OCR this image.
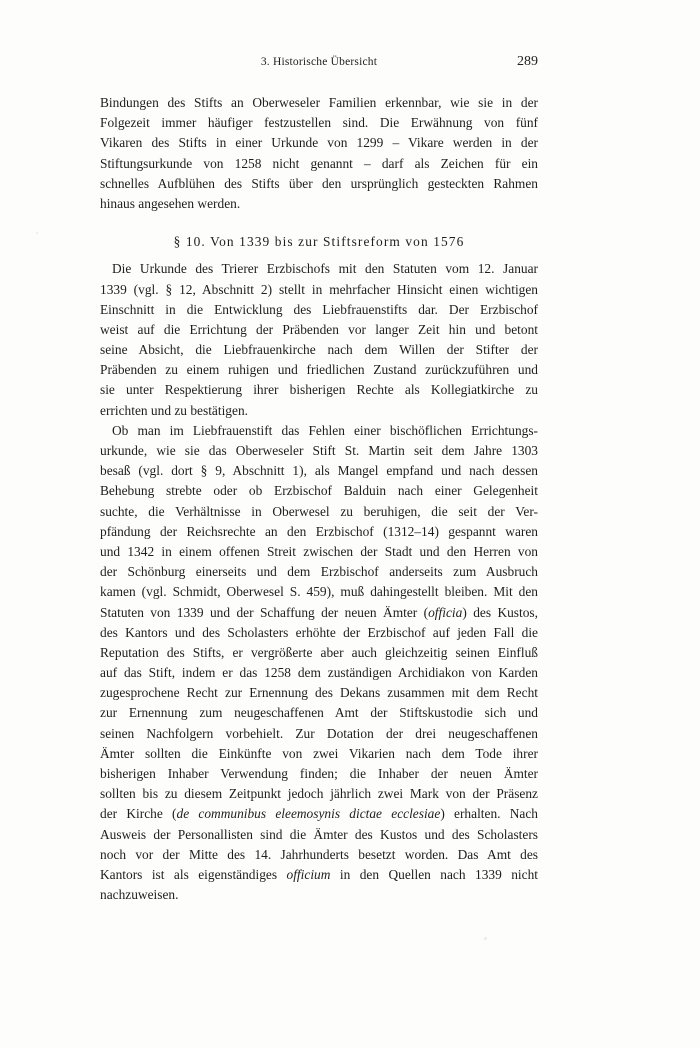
3. Historische Übersicht	289
Bindungen des Stifts an Oberweseler Familien erkennbar, wie sie in der
Folgezeit immer häufiger festzustellen sind. Die Erwähnung von fünf
Vikaren des Stifts in einer Urkunde von 1299 – Vikare werden in der
Stiftungsurkunde von 1258 nicht genannt – darf als Zeichen für ein
schnelles Aufblühen des Stifts über den ursprünglich gesteckten Rahmen
hinaus angesehen werden.
§ 10. Von 1339 bis zur Stiftsreform von 1576
Die Urkunde des Trierer Erzbischofs mit den Statuten vom 12. Januar
1339 (vgl. § 12, Abschnitt 2) stellt in mehrfacher Hinsicht einen wichtigen
Einschnitt in die Entwicklung des Liebfrauenstifts dar. Der Erzbischof
weist auf die Errichtung der Präbenden vor langer Zeit hin und betont
seine Absicht, die Liebfrauenkirche nach dem Willen der Stifter der
Präbenden zu einem ruhigen und friedlichen Zustand zurückzuführen und
sie unter Respektierung ihrer bisherigen Rechte als Kollegiatkirche zu
errichten und zu bestätigen.
Ob man im Liebfrauenstift das Fehlen einer bischöflichen Errichtungs-
urkunde, wie sie das Oberweseler Stift St. Martin seit dem Jahre 1303
besaß (vgl. dort § 9, Abschnitt 1), als Mangel empfand und nach dessen
Behebung strebte oder ob Erzbischof Balduin nach einer Gelegenheit
suchte, die Verhältnisse in Oberwesel zu beruhigen, die seit der Ver-
pfändung der Reichsrechte an den Erzbischof (1312–14) gespannt waren
und 1342 in einem offenen Streit zwischen der Stadt und den Herren von
der Schönburg einerseits und dem Erzbischof anderseits zum Ausbruch
kamen (vgl. Schmidt, Oberwesel S. 459), muß dahingestellt bleiben. Mit den
Statuten von 1339 und der Schaffung der neuen Ämter (officia) des Kustos,
des Kantors und des Scholasters erhöhte der Erzbischof auf jeden Fall die
Reputation des Stifts, er vergrößerte aber auch gleichzeitig seinen Einfluß
auf das Stift, indem er das 1258 dem zuständigen Archidiakon von Karden
zugesprochene Recht zur Ernennung des Dekans zusammen mit dem Recht
zur Ernennung zum neugeschaffenen Amt der Stiftskustodie sich und
seinen Nachfolgern vorbehielt. Zur Dotation der drei neugeschaffenen
Ämter sollten die Einkünfte von zwei Vikarien nach dem Tode ihrer
bisherigen Inhaber Verwendung finden; die Inhaber der neuen Ämter
sollten bis zu diesem Zeitpunkt jedoch jährlich zwei Mark von der Präsenz
der Kirche (de communibus eleemosynis dictae ecclesiae) erhalten. Nach
Ausweis der Personallisten sind die Ämter des Kustos und des Scholasters
noch vor der Mitte des 14. Jahrhunderts besetzt worden. Das Amt des
Kantors ist als eigenständiges officium in den Quellen nach 1339 nicht
nachzuweisen.
